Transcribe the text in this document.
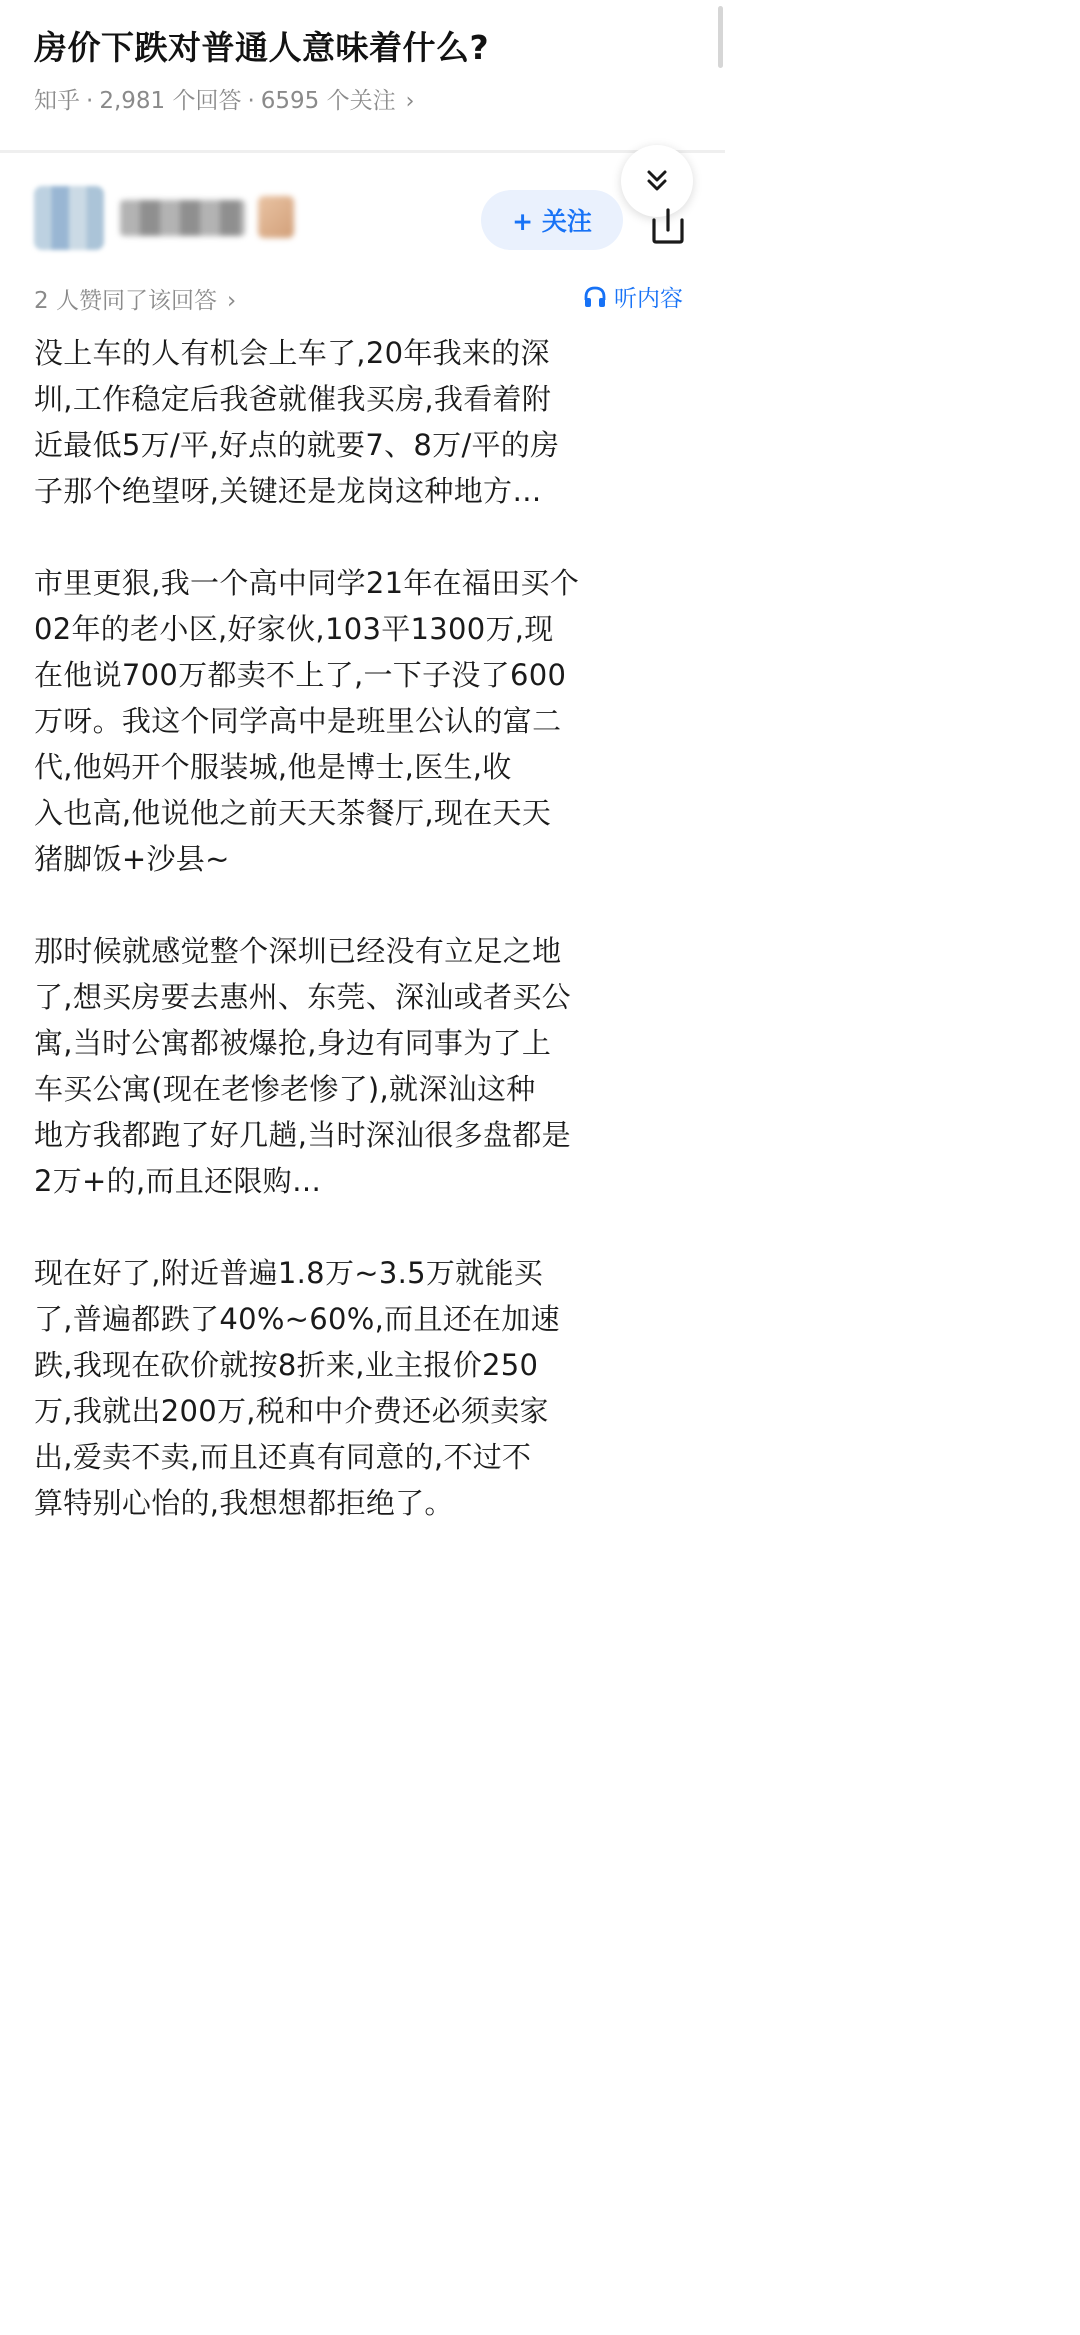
房价下跌对普通人意味着什么?
知乎 · 2,981 个回答 · 6595 个关注 ›
+ 关注
2 人赞同了该回答 ›	听内容
没上车的人有机会上车了,20年我来的深
圳,工作稳定后我爸就催我买房,我看着附
近最低5万/平,好点的就要7、8万/平的房
子那个绝望呀,关键还是龙岗这种地方…
市里更狠,我一个高中同学21年在福田买个
02年的老小区,好家伙,103平1300万,现
在他说700万都卖不上了,一下子没了600
万呀。我这个同学高中是班里公认的富二
代,他妈开个服装城,他是博士,医生,收
入也高,他说他之前天天茶餐厅,现在天天
猪脚饭+沙县~
那时候就感觉整个深圳已经没有立足之地
了,想买房要去惠州、东莞、深汕或者买公
寓,当时公寓都被爆抢,身边有同事为了上
车买公寓(现在老惨老惨了),就深汕这种
地方我都跑了好几趟,当时深汕很多盘都是
2万+的,而且还限购…
现在好了,附近普遍1.8万~3.5万就能买
了,普遍都跌了40%~60%,而且还在加速
跌,我现在砍价就按8折来,业主报价250
万,我就出200万,税和中介费还必须卖家
出,爱卖不卖,而且还真有同意的,不过不
算特别心怡的,我想想都拒绝了。
